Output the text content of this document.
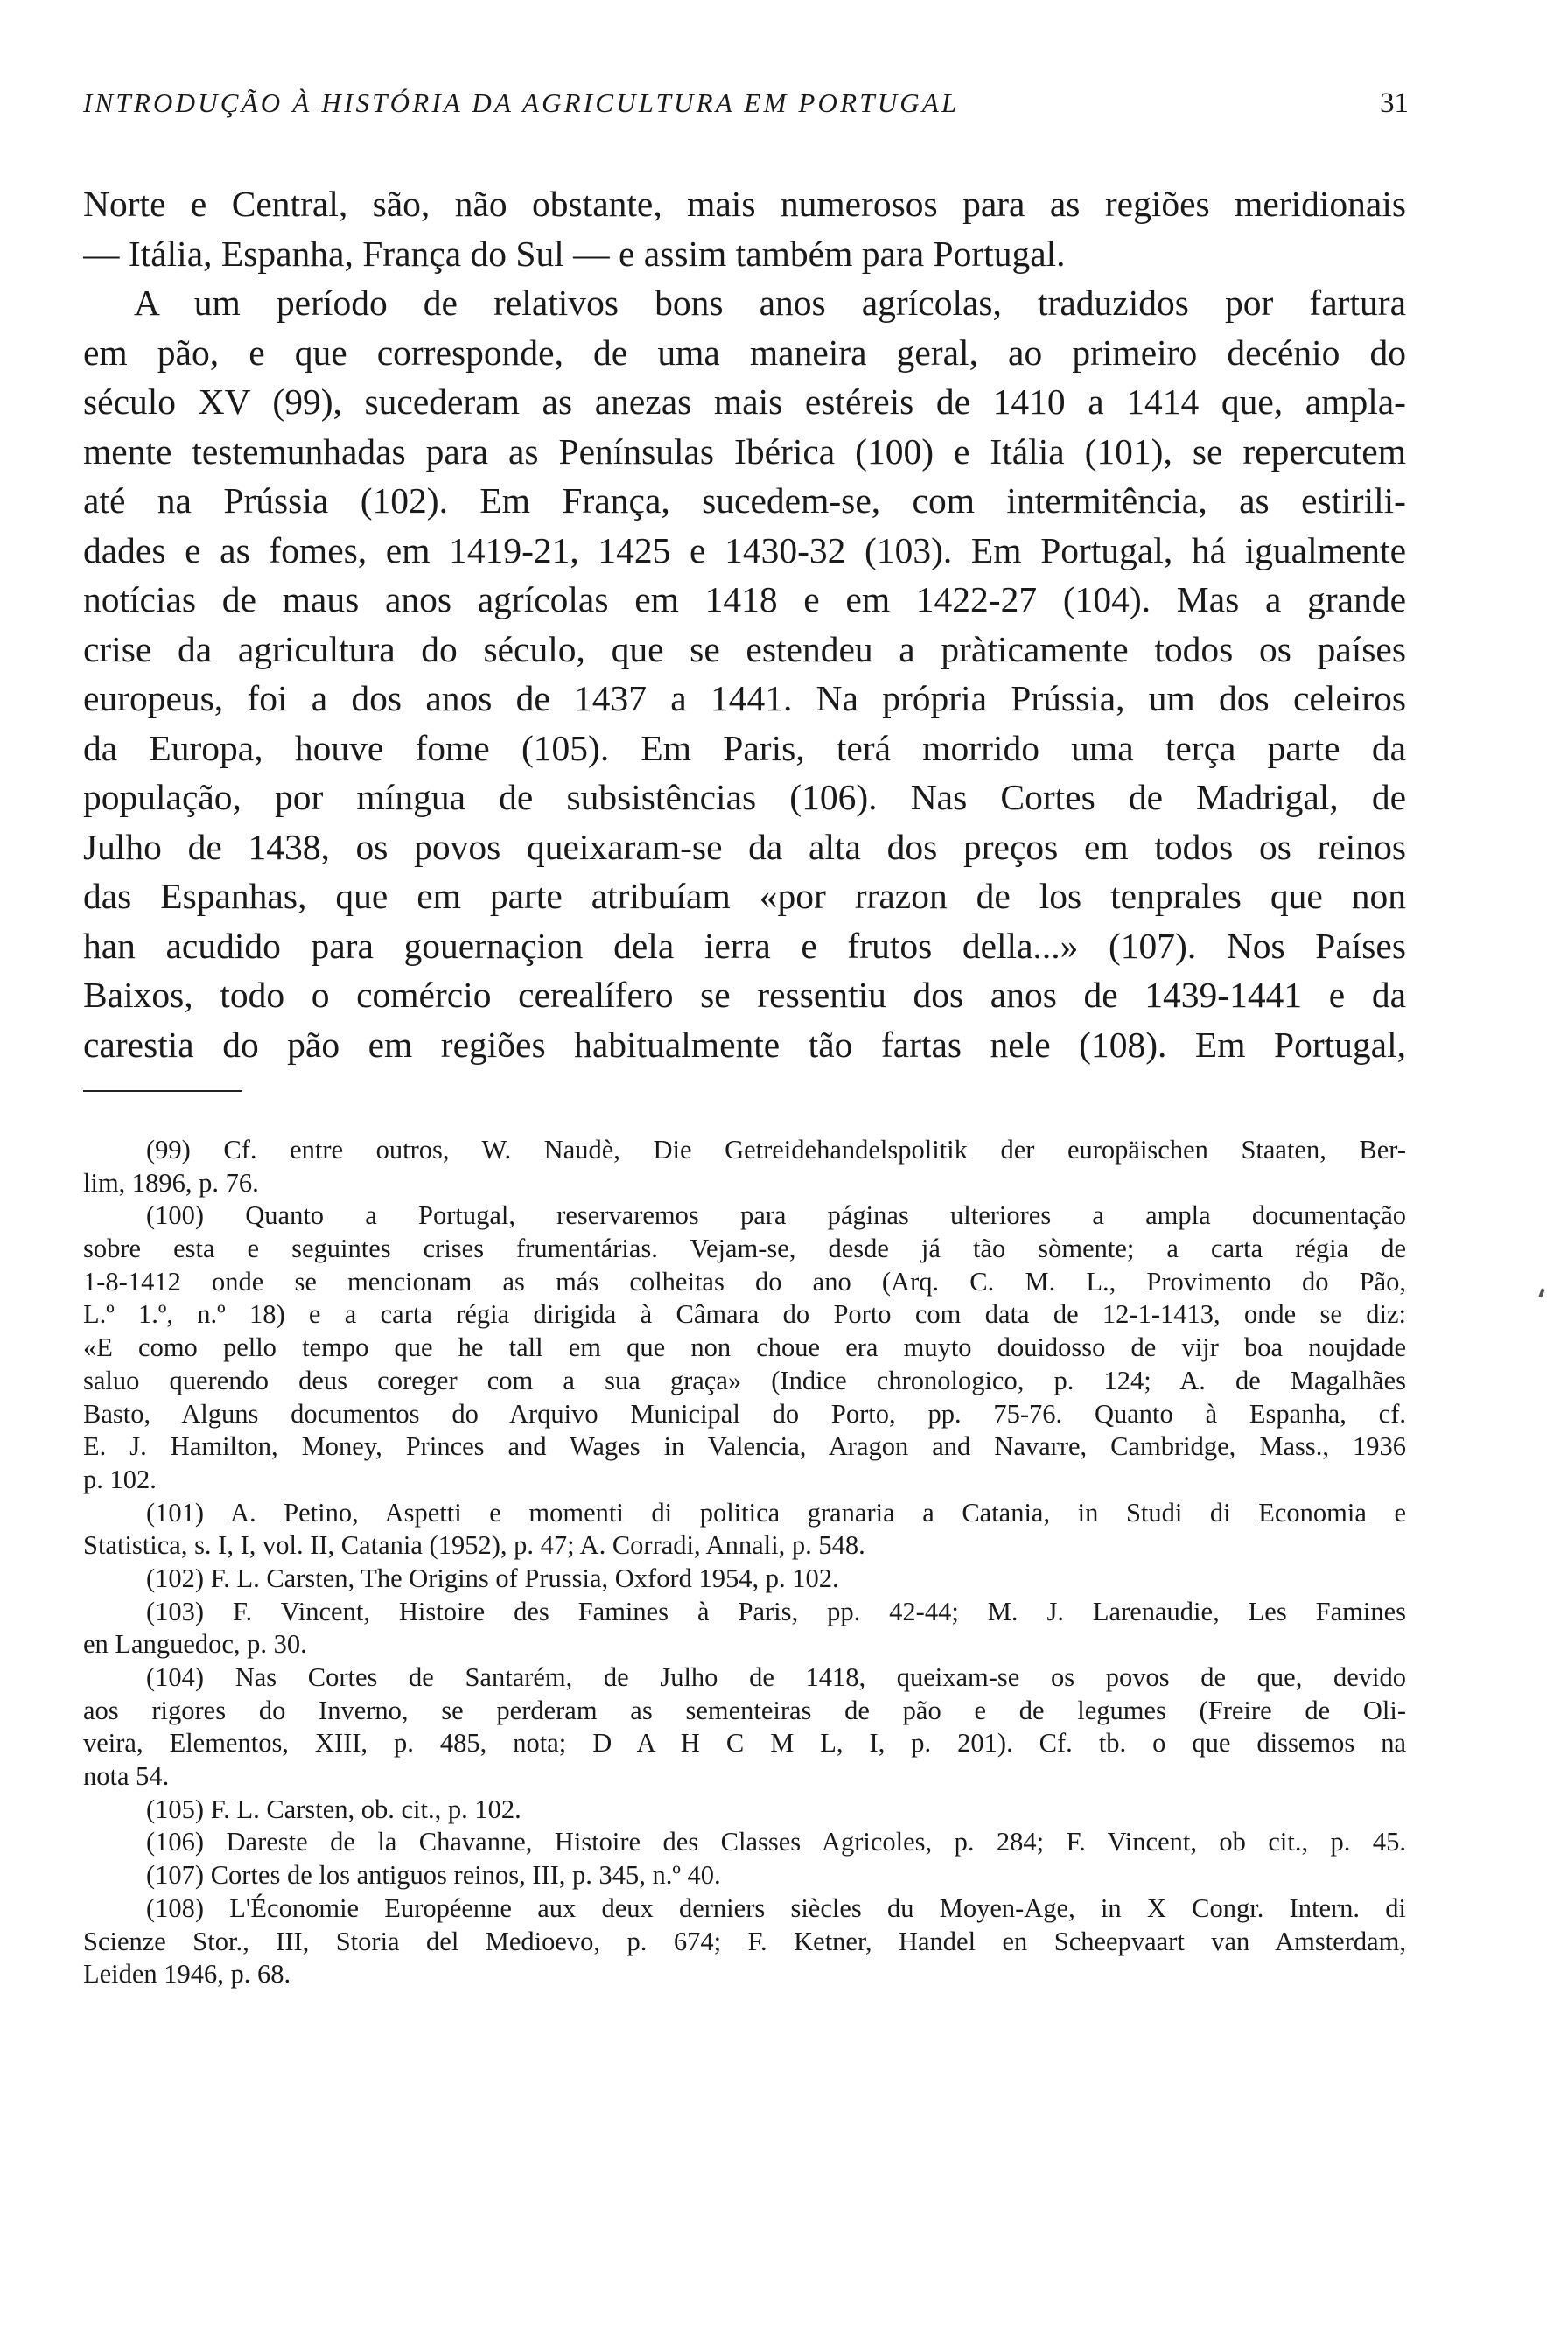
INTRODUÇÃO À HISTÓRIA DA AGRICULTURA EM PORTUGAL	31
Norte e Central, são, não obstante, mais numerosos para as regiões meridionais
— Itália, Espanha, França do Sul — e assim também para Portugal.
A um período de relativos bons anos agrícolas, traduzidos por fartura
em pão, e que corresponde, de uma maneira geral, ao primeiro decénio do
século XV (99), sucederam as anezas mais estéreis de 1410 a 1414 que, ampla-
mente testemunhadas para as Penínsulas Ibérica (100) e Itália (101), se repercutem
até na Prússia (102). Em França, sucedem-se, com intermitência, as estirili-
dades e as fomes, em 1419-21, 1425 e 1430-32 (103). Em Portugal, há igualmente
notícias de maus anos agrícolas em 1418 e em 1422-27 (104). Mas a grande
crise da agricultura do século, que se estendeu a pràticamente todos os países
europeus, foi a dos anos de 1437 a 1441. Na própria Prússia, um dos celeiros
da Europa, houve fome (105). Em Paris, terá morrido uma terça parte da
população, por míngua de subsistências (106). Nas Cortes de Madrigal, de
Julho de 1438, os povos queixaram-se da alta dos preços em todos os reinos
das Espanhas, que em parte atribuíam «por rrazon de los tenprales que non
han acudido para gouernaçion dela ierra e frutos della...» (107). Nos Países
Baixos, todo o comércio cerealífero se ressentiu dos anos de 1439-1441 e da
carestia do pão em regiões habitualmente tão fartas nele (108). Em Portugal,
(99) Cf. entre outros, W. Naudè, Die Getreidehandelspolitik der europäischen Staaten, Ber-
lim, 1896, p. 76.
(100) Quanto a Portugal, reservaremos para páginas ulteriores a ampla documentação
sobre esta e seguintes crises frumentárias. Vejam-se, desde já tão sòmente; a carta régia de
1-8-1412 onde se mencionam as más colheitas do ano (Arq. C. M. L., Provimento do Pão,
L.º 1.º, n.º 18) e a carta régia dirigida à Câmara do Porto com data de 12-1-1413, onde se diz:
«E como pello tempo que he tall em que non choue era muyto douidosso de vijr boa noujdade
saluo querendo deus coreger com a sua graça» (Indice chronologico, p. 124; A. de Magalhães
Basto, Alguns documentos do Arquivo Municipal do Porto, pp. 75-76. Quanto à Espanha, cf.
E. J. Hamilton, Money, Princes and Wages in Valencia, Aragon and Navarre, Cambridge, Mass., 1936
p. 102.
(101) A. Petino, Aspetti e momenti di politica granaria a Catania, in Studi di Economia e
Statistica, s. I, I, vol. II, Catania (1952), p. 47; A. Corradi, Annali, p. 548.
(102) F. L. Carsten, The Origins of Prussia, Oxford 1954, p. 102.
(103) F. Vincent, Histoire des Famines à Paris, pp. 42-44; M. J. Larenaudie, Les Famines
en Languedoc, p. 30.
(104) Nas Cortes de Santarém, de Julho de 1418, queixam-se os povos de que, devido
aos rigores do Inverno, se perderam as sementeiras de pão e de legumes (Freire de Oli-
veira, Elementos, XIII, p. 485, nota; D A H C M L, I, p. 201). Cf. tb. o que dissemos na
nota 54.
(105) F. L. Carsten, ob. cit., p. 102.
(106) Dareste de la Chavanne, Histoire des Classes Agricoles, p. 284; F. Vincent, ob cit., p. 45.
(107) Cortes de los antiguos reinos, III, p. 345, n.º 40.
(108) L'Économie Européenne aux deux derniers siècles du Moyen-Age, in X Congr. Intern. di
Scienze Stor., III, Storia del Medioevo, p. 674; F. Ketner, Handel en Scheepvaart van Amsterdam,
Leiden 1946, p. 68.
